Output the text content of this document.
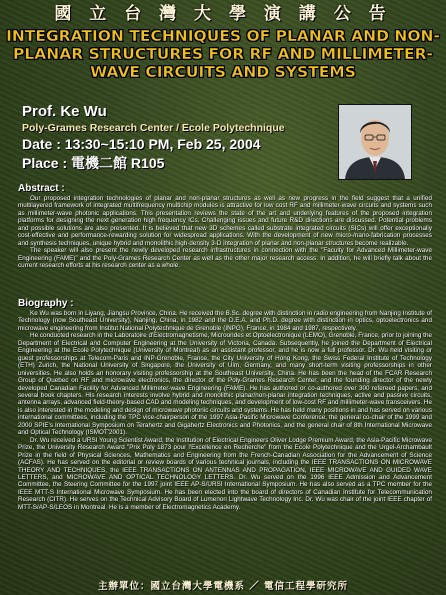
國 立 台 灣 大 學 演 講 公 告
INTEGRATION TECHNIQUES OF PLANAR AND NON-PLANAR STRUCTURES FOR RF AND MILLIMETER-WAVE CIRCUITS AND SYSTEMS
Prof. Ke Wu
Poly-Grames Research Center / Ecole Polytechnique
Date : 13:30~15:10 PM, Feb 25, 2004
Place : 電機二館 R105
Abstract :

Our proposed integration technologies of planar and non-planar structures as well as new progress in the field suggest that a unified multilayered framework of integrated multifrequency multichip modules is attractive for low cost RF and millimeter-wave circuits and systems such as millimeter-wave photonic applications. This presentation reviews the state of the art and underlying features of the proposed integration platforms for designing the next generation high frequency ICs. Challenging issues and future R&D directions are discussed. Potential problems and possible solutions are also presented. It is believed that new 3D schemes called substrate integrated circuits (SICs) will offer exceptionally cost-effective and performance-rewarding solution for widespread applications. With the development of new micro-/nano-fabrication processes and synthesis techniques, unique hybrid and monolithic high-density 3-D integration of planar and non-planar structures become realizable.

The speaker will also present the newly developed research infrastructures in connection with the "Faculty for Advanced Millimeter-wave Engineering (FAME)" and the Poly-Grames Research Center as well as the other major research access. In addition, he will briefly talk about the current research efforts at his research center as a whole.

Biography :

Ke Wu was born in Liyang, Jiangsu Province, China. He received the B.Sc. degree with distinction in radio engineering from Nanjing Institute of Technology (now Southeast University), Nanjing, China, in 1982 and the D.E.A. and Ph.D. degree with distinction in optics, optoelectronics and microwave engineering from Institut National Polytechnique de Grenoble (INPG), France, in 1984 and 1987, respectively.

He conducted research in the Laboratoire d'Electromagnetisme, Microondes et Optoelectronique (LEMO), Grenoble, France, prior to joining the Department of Electrical and Computer Engineering at the University of Victoria, Canada. Subsequently, he joined the Department of Electrical Engineering at the Ecole Polytechnique (University of Montreal) as an assistant professor, and he is now a full professor. Dr. Wu held visiting or guest professorships at Telecom-Paris and INP-Grenoble, France, the City University of Hong Kong, the Swiss Federal Institute of Technology (ETH) Zurich, the National University of Singapore, the University of Ulm, Germany, and many short-term visiting professorships in other universities. He also holds an honorary visiting professorship at the Southeast University, China. He has been the head of the FCAR Research Group of Quebec on RF and microwave electronics, the director of the Poly-Grames Research Center, and the founding director of the newly developed Canadian Facility for Advanced Millimeter-wave Engineering (FAME). He has authored or co-authored over 300 refereed papers, and several book chapters. His research interests involve hybrid and monolithic planar/non-planar integration techniques, active and passive circuits, antenna arrays, advanced field-theory-based CAD and modeling techniques, and development of low-cost RF and millimeter-wave transceivers. He is also interested in the modeling and design of microwave photonic circuits and systems. He has held many positions in and has served on various international committees, including the TPC vice-chairperson of the 1997 Asia-Pacific Microwave Conference, the general co-chair of the 1999 and 2000 SPIE's International Symposium on Terahertz and Gigahertz Electronics and Photonics, and the general chair of 8th International Microwave and Optical Technology (ISMOT'2001).

Dr. Wu received a URSI Young Scientist Award, the Institution of Electrical Engineers Oliver Lodge Premium Award, the Asia-Pacific Microwave Prize, the University Research Award "Prix Poly 1873 pour l'Excellence en Recherche" from the Ecole Polytechnique and the Urgel-Archambault Prize in the field of Physical Sciences, Mathematics and Engineering from the French-Canadian Association for the Advancement of Science (ACFAS). He has served on the editorial or review boards of various technical journals, including the IEEE TRANSACTIONS ON MICROWAVE THEORY AND TECHNIQUES, the IEEE TRANSACTIONS ON ANTENNAS AND PROPAGATION, IEEE MICROWAVE AND GUIDED WAVE LETTERS, and MICROWAVE AND OPTICAL TECHNOLOGY LETTERS. Dr. Wu served on the 1996 IEEE Admission and Advancement Committee, the Steering Committee for the 1997 joint IEEE AP-S/URSI International Symposium. He has also served as a TPC member for the IEEE MTT-S International Microwave Symposium. He has been elected into the board of directors of Canadian Institute for Telecommunication Research (CITR). He serves on the Technical Advisory Board of Lumenon Lightwave Technology Inc. Dr. Wu was chair of the joint IEEE chapter of MTT-S/AP-S/LEOS in Montreal. He is a member of Electromagnetics Academy.

主辦單位：國立台灣大學電機系 ／ 電信工程學研究所
